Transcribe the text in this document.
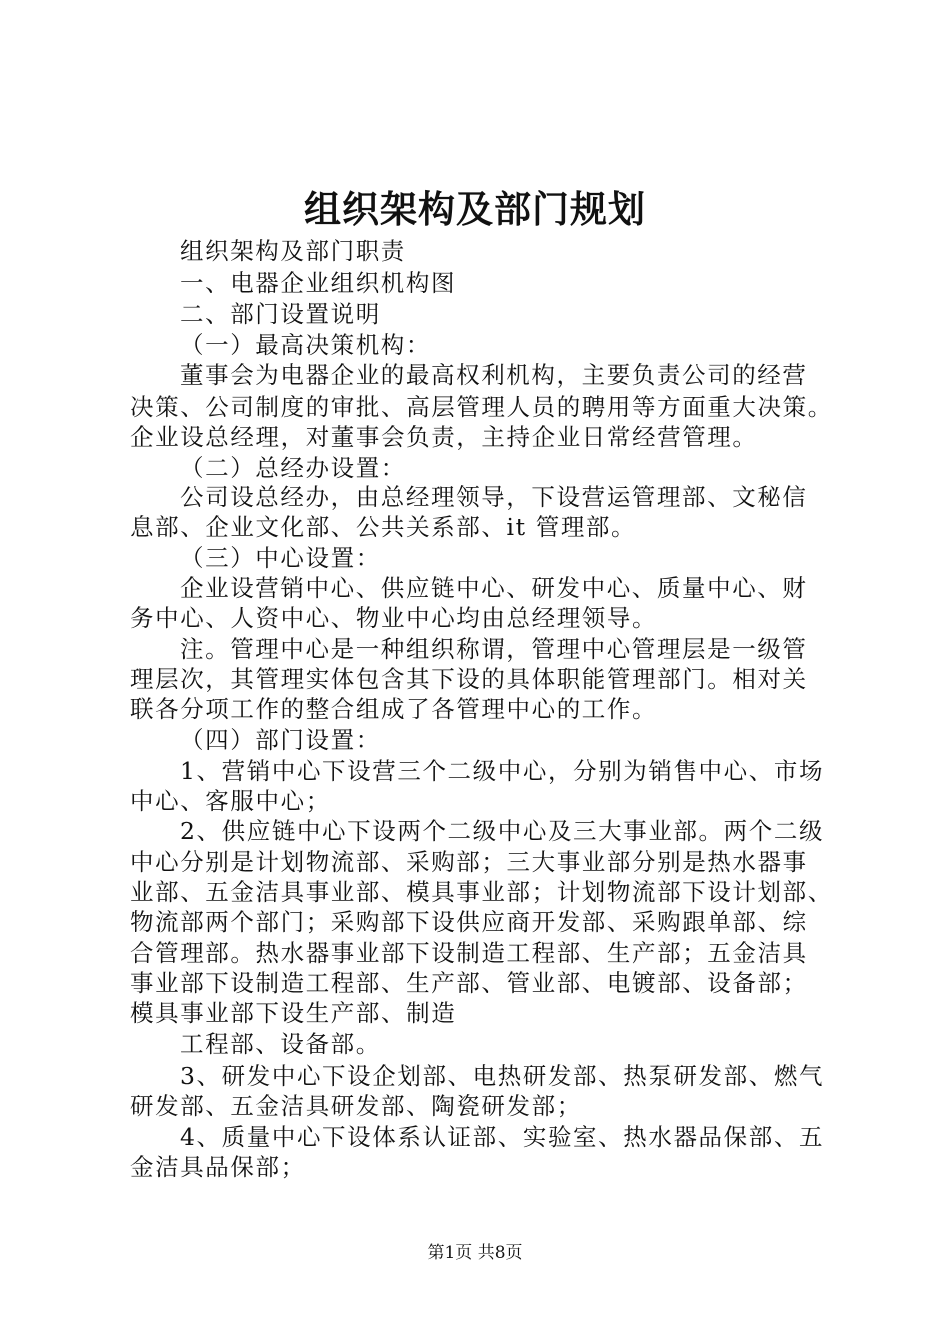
组织架构及部门规划
组织架构及部门职责
一、电器企业组织机构图
二、部门设置说明
（一）最高决策机构：
董事会为电器企业的最高权利机构，主要负责公司的经营
决策、公司制度的审批、高层管理人员的聘用等方面重大决策。
企业设总经理，对董事会负责，主持企业日常经营管理。
（二）总经办设置：
公司设总经办，由总经理领导，下设营运管理部、文秘信
息部、企业文化部、公共关系部、it 管理部。
（三）中心设置：
企业设营销中心、供应链中心、研发中心、质量中心、财
务中心、人资中心、物业中心均由总经理领导。
注。管理中心是一种组织称谓，管理中心管理层是一级管
理层次，其管理实体包含其下设的具体职能管理部门。相对关
联各分项工作的整合组成了各管理中心的工作。
（四）部门设置：
1、营销中心下设营三个二级中心，分别为销售中心、市场
中心、客服中心；
2、供应链中心下设两个二级中心及三大事业部。两个二级
中心分别是计划物流部、采购部；三大事业部分别是热水器事
业部、五金洁具事业部、模具事业部；计划物流部下设计划部、
物流部两个部门；采购部下设供应商开发部、采购跟单部、综
合管理部。热水器事业部下设制造工程部、生产部；五金洁具
事业部下设制造工程部、生产部、管业部、电镀部、设备部；
模具事业部下设生产部、制造
工程部、设备部。
3、研发中心下设企划部、电热研发部、热泵研发部、燃气
研发部、五金洁具研发部、陶瓷研发部；
4、质量中心下设体系认证部、实验室、热水器品保部、五
金洁具品保部；
第1页 共8页
